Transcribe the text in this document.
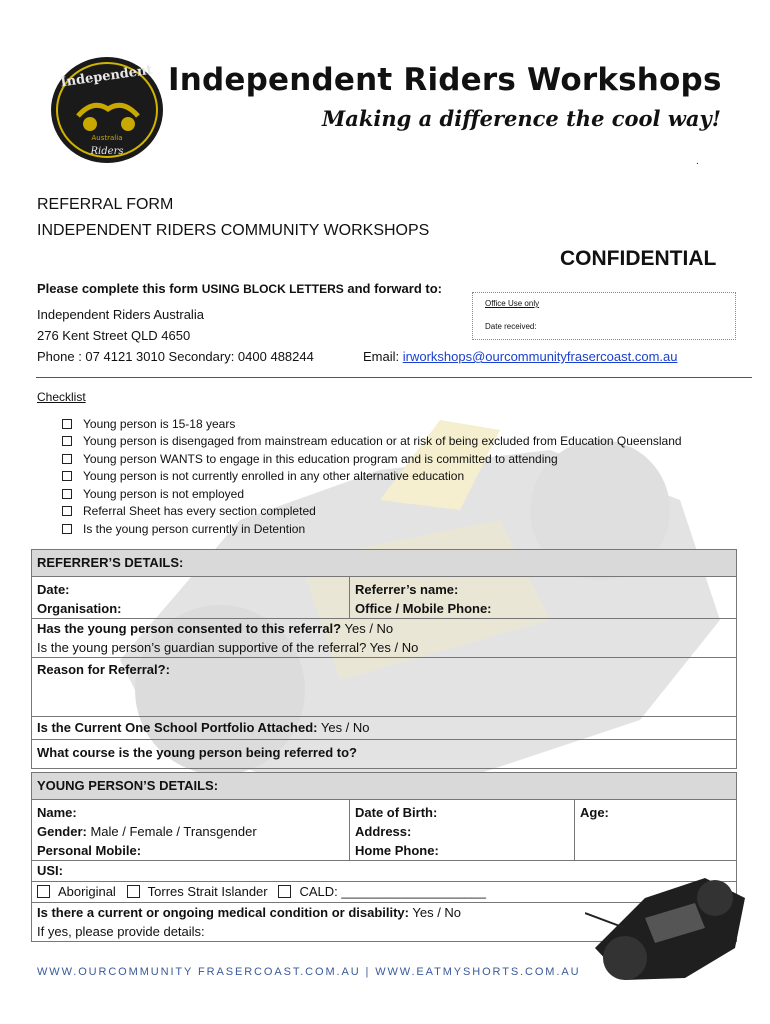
Independent
Australia
Riders
Independent Riders Workshops
Making a difference the cool way!
.
REFERRAL FORM
INDEPENDENT RIDERS COMMUNITY WORKSHOPS
CONFIDENTIAL
Please complete this form USING BLOCK LETTERS and forward to:
Office Use only
Date received:
Independent Riders Australia
276 Kent Street QLD 4650
Phone : 07 4121 3010 Secondary: 0400 488244	Email: irworkshops@ourcommunityfrasercoast.com.au
Checklist
Young person is 15-18 years
Young person is disengaged from mainstream education or at risk of being excluded from Education Queensland
Young person WANTS to engage in this education program and is committed to attending
Young person is not currently enrolled in any other alternative education
Young person is not employed
Referral Sheet has every section completed
Is the young person currently in Detention
REFERRER’S DETAILS:

Date:
Organisation:

Referrer’s name:
Office / Mobile Phone:

Has the young person consented to this referral? Yes / No
Is the young person’s guardian supportive of the referral? Yes / No

Reason for Referral?:
Is the Current One School Portfolio Attached: Yes / No
What course is the young person being referred to?
YOUNG PERSON’S DETAILS:

Name:
Gender: Male / Female / Transgender
Personal Mobile:

Date of Birth:
Address:
Home Phone:

Age:

USI:
Aboriginal Torres Strait Islander CALD: ____________________

Is there a current or ongoing medical condition or disability: Yes / No
If yes, please provide details:
WWW.OURCOMMUNITY FRASERCOAST.COM.AU | WWW.EATMYSHORTS.COM.AU
